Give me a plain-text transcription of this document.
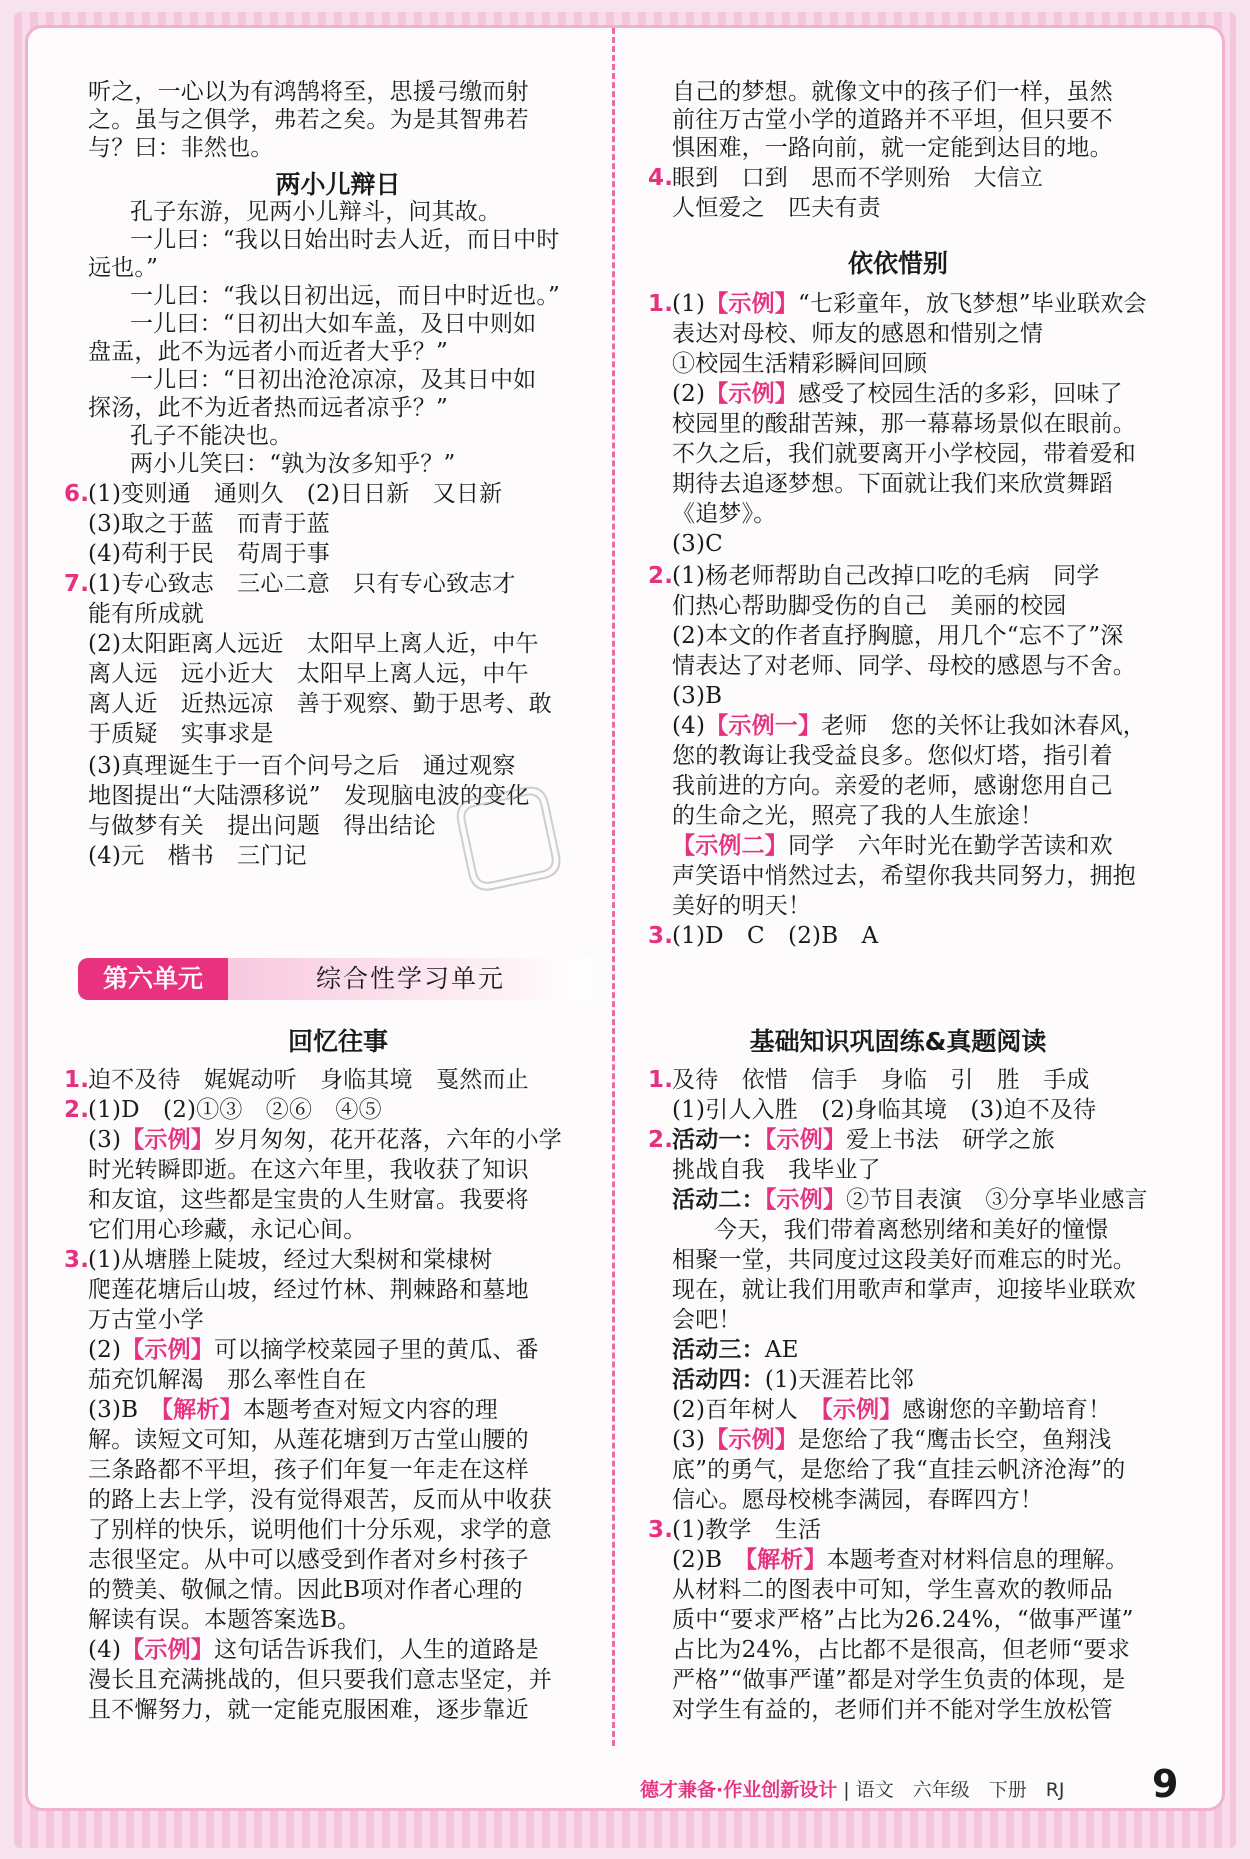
听之，一心以为有鸿鹄将至，思援弓缴而射
之。虽与之俱学，弗若之矣。为是其智弗若
与？曰：非然也。
两小儿辩日
孔子东游，见两小儿辩斗，问其故。
一儿曰：“我以日始出时去人近，而日中时
远也。”
一儿曰：“我以日初出远，而日中时近也。”
一儿曰：“日初出大如车盖，及日中则如
盘盂，此不为远者小而近者大乎？”
一儿曰：“日初出沧沧凉凉，及其日中如
探汤，此不为近者热而远者凉乎？”
孔子不能决也。
两小儿笑曰：“孰为汝多知乎？”
6.
(1)变则通　通则久　(2)日日新　又日新
(3)取之于蓝　而青于蓝
(4)苟利于民　苟周于事
7.
(1)专心致志　三心二意　只有专心致志才
能有所成就
(2)太阳距离人远近　太阳早上离人近，中午
离人远　远小近大　太阳早上离人远，中午
离人近　近热远凉　善于观察、勤于思考、敢
于质疑　实事求是
(3)真理诞生于一百个问号之后　通过观察
地图提出“大陆漂移说”　发现脑电波的变化
与做梦有关　提出问题　得出结论
(4)元　楷书　三门记
第六单元	综合性学习单元
回忆往事
1.
迫不及待　娓娓动听　身临其境　戛然而止
2.
(1)D　(2)①③　②⑥　④⑤
(3)【示例】岁月匆匆，花开花落，六年的小学
时光转瞬即逝。在这六年里，我收获了知识
和友谊，这些都是宝贵的人生财富。我要将
它们用心珍藏，永记心间。
3.
(1)从塘塍上陡坡，经过大梨树和棠棣树
爬莲花塘后山坡，经过竹林、荆棘路和墓地
万古堂小学
(2)【示例】可以摘学校菜园子里的黄瓜、番
茄充饥解渴　那么率性自在
(3)B　【解析】本题考查对短文内容的理
解。读短文可知，从莲花塘到万古堂山腰的
三条路都不平坦，孩子们年复一年走在这样
的路上去上学，没有觉得艰苦，反而从中收获
了别样的快乐，说明他们十分乐观，求学的意
志很坚定。从中可以感受到作者对乡村孩子
的赞美、敬佩之情。因此B项对作者心理的
解读有误。本题答案选B。
(4)【示例】这句话告诉我们，人生的道路是
漫长且充满挑战的，但只要我们意志坚定，并
且不懈努力，就一定能克服困难，逐步靠近
自己的梦想。就像文中的孩子们一样，虽然
前往万古堂小学的道路并不平坦，但只要不
惧困难，一路向前，就一定能到达目的地。
4.
眼到　口到　思而不学则殆　大信立
人恒爱之　匹夫有责
依依惜别
1.
(1)【示例】“七彩童年，放飞梦想”毕业联欢会
表达对母校、师友的感恩和惜别之情
①校园生活精彩瞬间回顾
(2)【示例】感受了校园生活的多彩，回味了
校园里的酸甜苦辣，那一幕幕场景似在眼前。
不久之后，我们就要离开小学校园，带着爱和
期待去追逐梦想。下面就让我们来欣赏舞蹈
《追梦》。
(3)C
2.
(1)杨老师帮助自己改掉口吃的毛病　同学
们热心帮助脚受伤的自己　美丽的校园
(2)本文的作者直抒胸臆，用几个“忘不了”深
情表达了对老师、同学、母校的感恩与不舍。
(3)B
(4)【示例一】老师　您的关怀让我如沐春风，
您的教诲让我受益良多。您似灯塔，指引着
我前进的方向。亲爱的老师，感谢您用自己
的生命之光，照亮了我的人生旅途！
【示例二】同学　六年时光在勤学苦读和欢
声笑语中悄然过去，希望你我共同努力，拥抱
美好的明天！
3.
(1)D　C　(2)B　A
基础知识巩固练&真题阅读
1.
及待　依惜　信手　身临　引　胜　手成
(1)引人入胜　(2)身临其境　(3)迫不及待
2.
活动一：【示例】爱上书法　研学之旅
挑战自我　我毕业了
活动二：【示例】②节目表演　③分享毕业感言
今天，我们带着离愁别绪和美好的憧憬
相聚一堂，共同度过这段美好而难忘的时光。
现在，就让我们用歌声和掌声，迎接毕业联欢
会吧！
活动三：AE
活动四：(1)天涯若比邻
(2)百年树人　【示例】感谢您的辛勤培育！
(3)【示例】是您给了我“鹰击长空，鱼翔浅
底”的勇气，是您给了我“直挂云帆济沧海”的
信心。愿母校桃李满园，春晖四方！
3.
(1)教学　生活
(2)B　【解析】本题考查对材料信息的理解。
从材料二的图表中可知，学生喜欢的教师品
质中“要求严格”占比为26.24%，“做事严谨”
占比为24%，占比都不是很高，但老师“要求
严格”“做事严谨”都是对学生负责的体现，是
对学生有益的，老师们并不能对学生放松管
▢
德才兼备·作业创新设计 | 语文　六年级　下册　RJ 9
